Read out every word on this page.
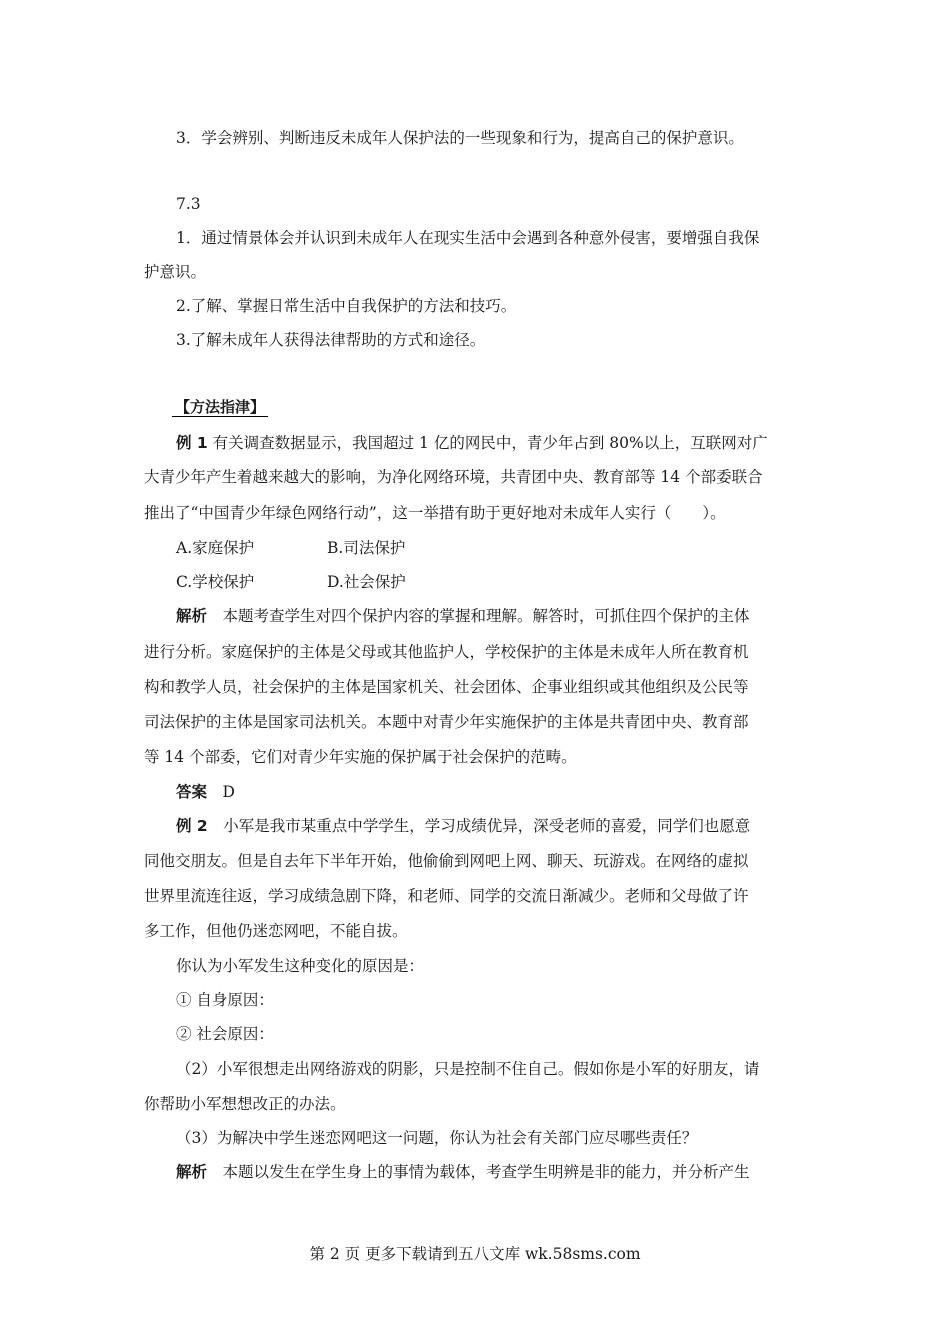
3．学会辨别、判断违反未成年人保护法的一些现象和行为，提高自己的保护意识。
7.3
1．通过情景体会并认识到未成年人在现实生活中会遇到各种意外侵害，要增强自我保
护意识。
2.了解、掌握日常生活中自我保护的方法和技巧。
3.了解未成年人获得法律帮助的方式和途径。
【方法指津】
例 1 有关调查数据显示，我国超过 1 亿的网民中，青少年占到 80%以上，互联网对广
大青少年产生着越来越大的影响，为净化网络环境，共青团中央、教育部等 14 个部委联合
推出了“中国青少年绿色网络行动”，这一举措有助于更好地对未成年人实行（　　）。
A.家庭保护	B.司法保护
C.学校保护	D.社会保护
解析　本题考查学生对四个保护内容的掌握和理解。解答时，可抓住四个保护的主体
进行分析。家庭保护的主体是父母或其他监护人，学校保护的主体是未成年人所在教育机
构和教学人员，社会保护的主体是国家机关、社会团体、企事业组织或其他组织及公民等
司法保护的主体是国家司法机关。本题中对青少年实施保护的主体是共青团中央、教育部
等 14 个部委，它们对青少年实施的保护属于社会保护的范畴。
答案　D
例 2　小军是我市某重点中学学生，学习成绩优异，深受老师的喜爱，同学们也愿意
同他交朋友。但是自去年下半年开始，他偷偷到网吧上网、聊天、玩游戏。在网络的虚拟
世界里流连往返，学习成绩急剧下降，和老师、同学的交流日渐减少。老师和父母做了许
多工作，但他仍迷恋网吧，不能自拔。
你认为小军发生这种变化的原因是：
① 自身原因：
② 社会原因：
（2）小军很想走出网络游戏的阴影，只是控制不住自己。假如你是小军的好朋友，请
你帮助小军想想改正的办法。
（3）为解决中学生迷恋网吧这一问题，你认为社会有关部门应尽哪些责任？
解析　本题以发生在学生身上的事情为载体，考查学生明辨是非的能力，并分析产生
第 2 页 更多下载请到五八文库 wk.58sms.com
